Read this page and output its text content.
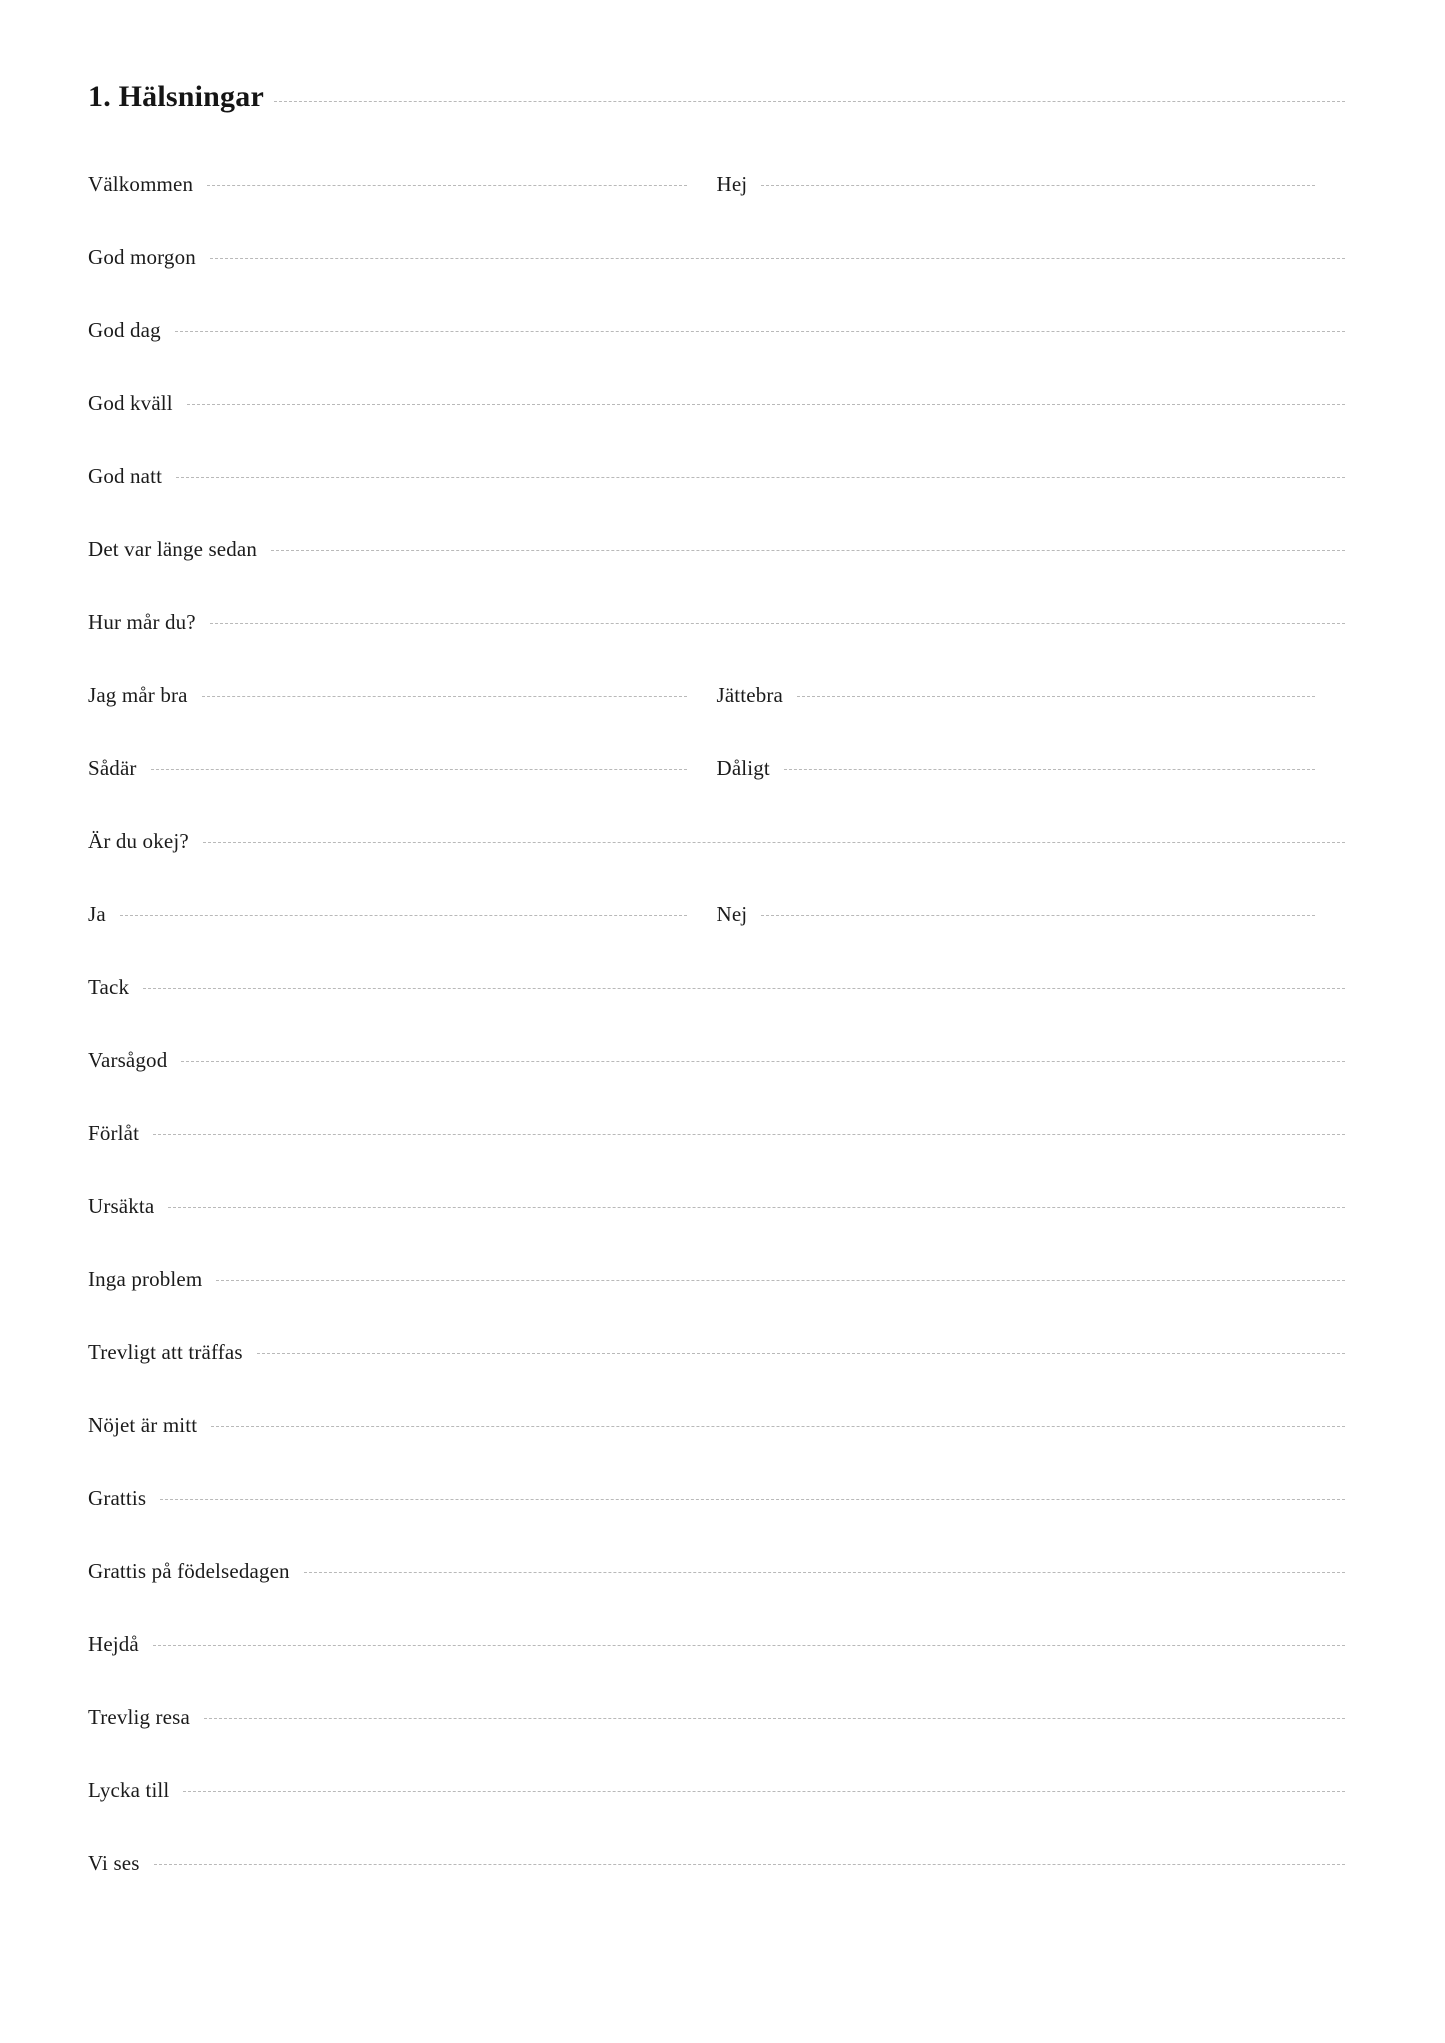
1. Hälsningar
Välkommen	Hej
God morgon
God dag
God kväll
God natt
Det var länge sedan
Hur mår du?
Jag mår bra	Jättebra
Sådär	Dåligt
Är du okej?
Ja	Nej
Tack
Varsågod
Förlåt
Ursäkta
Inga problem
Trevligt att träffas
Nöjet är mitt
Grattis
Grattis på födelsedagen
Hejdå
Trevlig resa
Lycka till
Vi ses
